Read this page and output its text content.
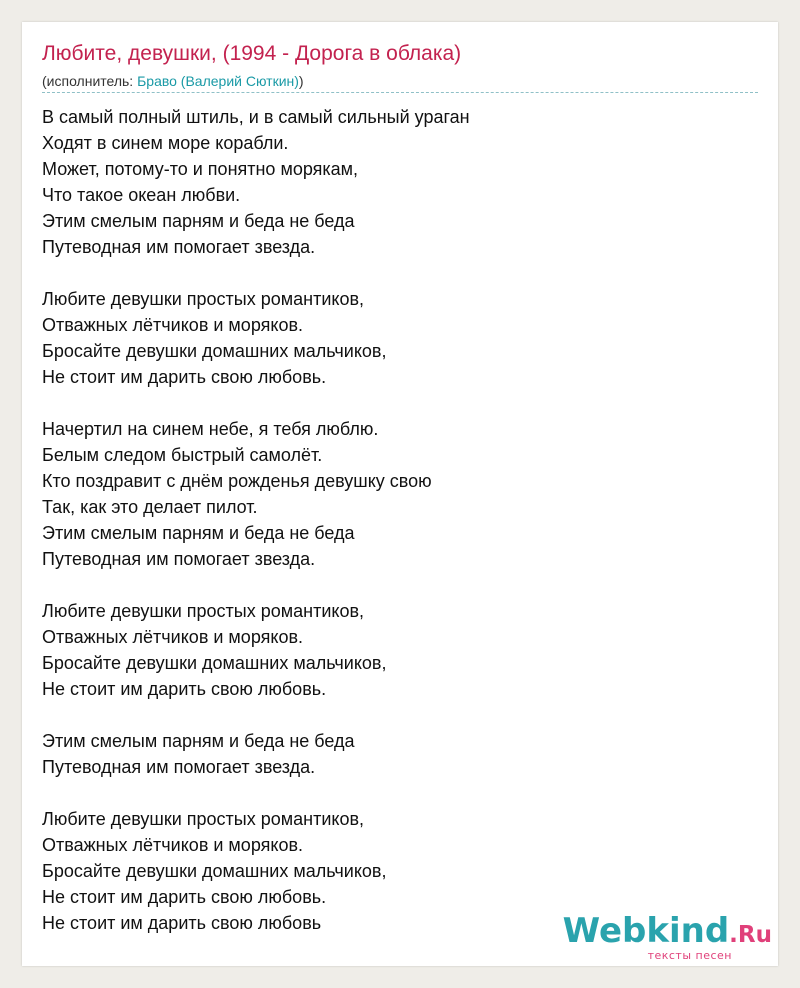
Любите, девушки, (1994 - Дорога в облака)
(исполнитель: Браво (Валерий Сюткин))
В самый полный штиль, и в самый сильный ураган
Ходят в синем море корабли.
Может, потому-то и понятно морякам,
Что такое океан любви.
Этим смелым парням и беда не беда
Путеводная им помогает звезда.

Любите девушки простых романтиков,
Отважных лётчиков и моряков.
Бросайте девушки домашних мальчиков,
Не стоит им дарить свою любовь.

Начертил на синем небе, я тебя люблю.
Белым следом быстрый самолёт.
Кто поздравит с днём рожденья девушку свою
Так, как это делает пилот.
Этим смелым парням и беда не беда
Путеводная им помогает звезда.

Любите девушки простых романтиков,
Отважных лётчиков и моряков.
Бросайте девушки домашних мальчиков,
Не стоит им дарить свою любовь.

Этим смелым парням и беда не беда
Путеводная им помогает звезда.

Любите девушки простых романтиков,
Отважных лётчиков и моряков.
Бросайте девушки домашних мальчиков,
Не стоит им дарить свою любовь.
Не стоит им дарить свою любовь	Webkind.Ru
тексты песен
